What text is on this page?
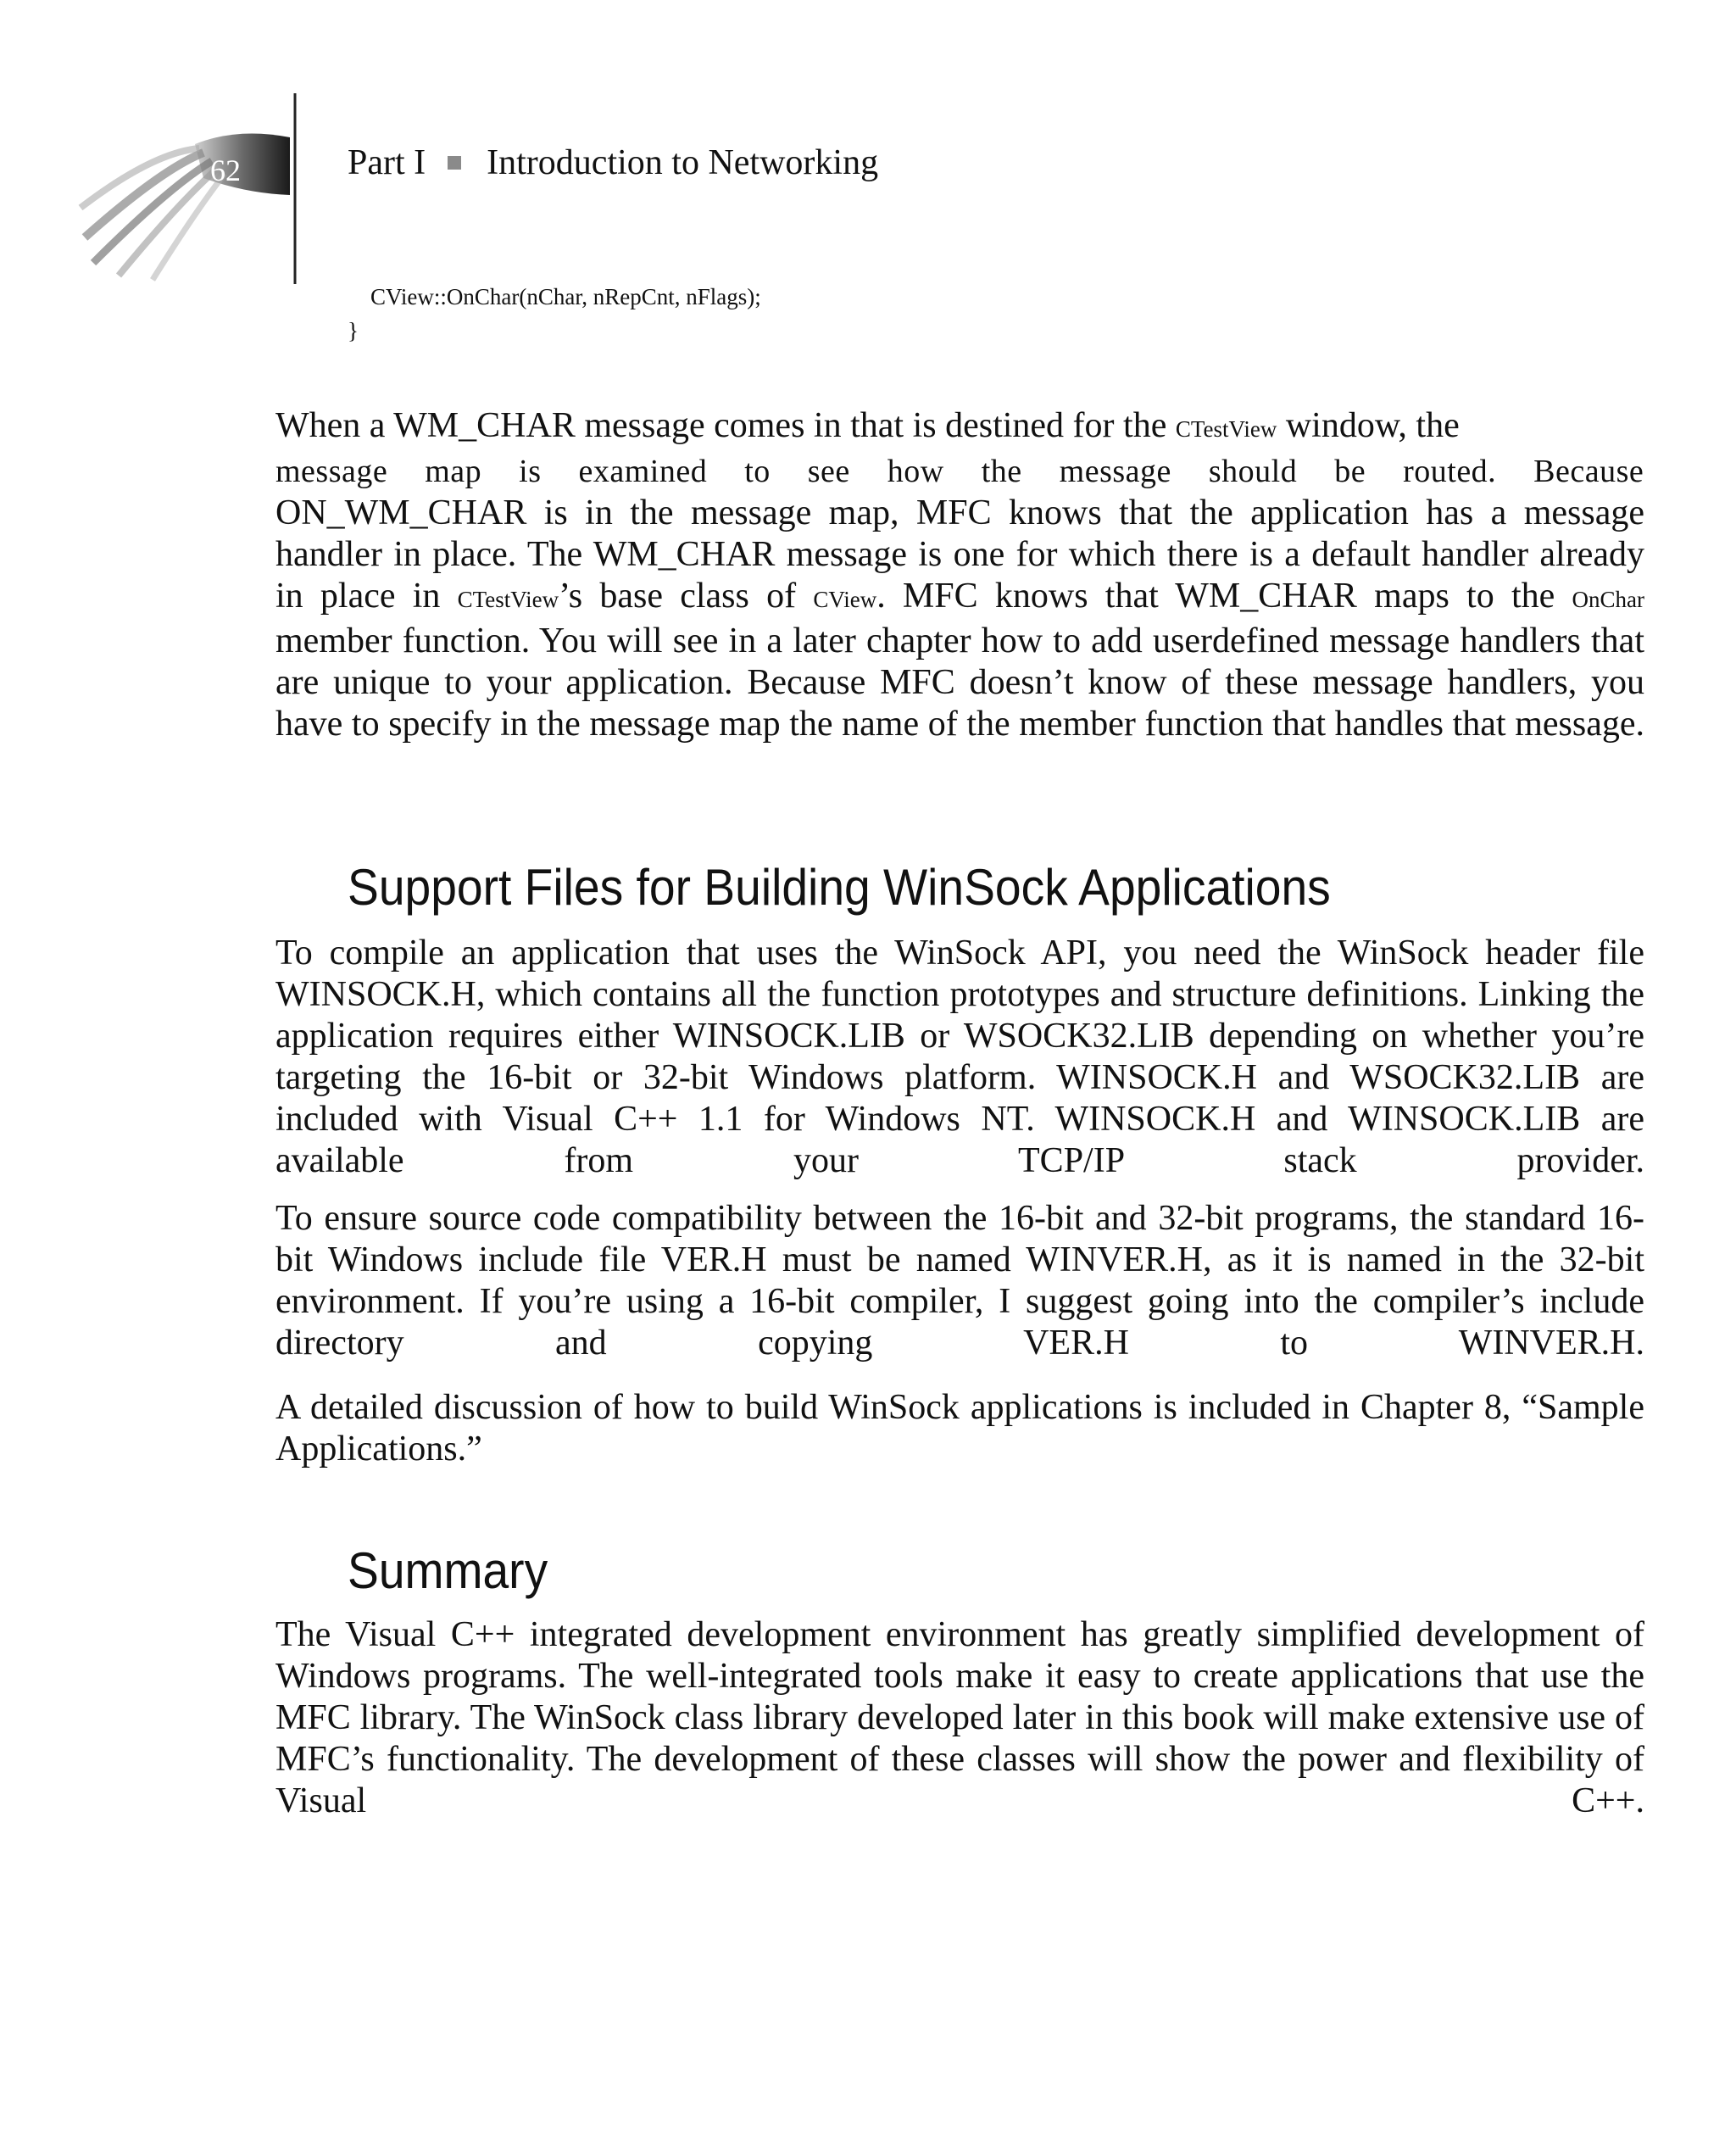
62	Part I Introduction to Networking
CView::OnChar(nChar, nRepCnt, nFlags);
}
When a WM_CHAR message comes in that is destined for the CTestView window, the
message map is examined to see how the message should be routed. Because
ON_WM_CHAR is in the message map, MFC knows that the application has a message handler in place. The WM_CHAR message is one for which there is a default handler already in place in CTestView’s base class of CView. MFC knows that WM_CHAR maps to the OnChar member function. You will see in a later chapter how to add userdefined message handlers that are unique to your application. Because MFC doesn’t know of these message handlers, you have to specify in the message map the name of the member function that handles that message.
Support Files for Building WinSock Applications
To compile an application that uses the WinSock API, you need the WinSock header file WINSOCK.H, which contains all the function prototypes and structure definitions. Linking the application requires either WINSOCK.LIB or WSOCK32.LIB depending on whether you’re targeting the 16-bit or 32-bit Windows platform. WINSOCK.H and WSOCK32.LIB are included with Visual C++ 1.1 for Windows NT. WINSOCK.H and WINSOCK.LIB are available from your TCP/IP stack provider.
To ensure source code compatibility between the 16-bit and 32-bit programs, the standard 16-bit Windows include file VER.H must be named WINVER.H, as it is named in the 32-bit environment. If you’re using a 16-bit compiler, I suggest going into the compiler’s include directory and copying VER.H to WINVER.H.
A detailed discussion of how to build WinSock applications is included in Chapter 8, “Sample Applications.”
Summary
The Visual C++ integrated development environment has greatly simplified development of Windows programs. The well-integrated tools make it easy to create applications that use the MFC library. The WinSock class library developed later in this book will make extensive use of MFC’s functionality. The development of these classes will show the power and flexibility of Visual C++.
